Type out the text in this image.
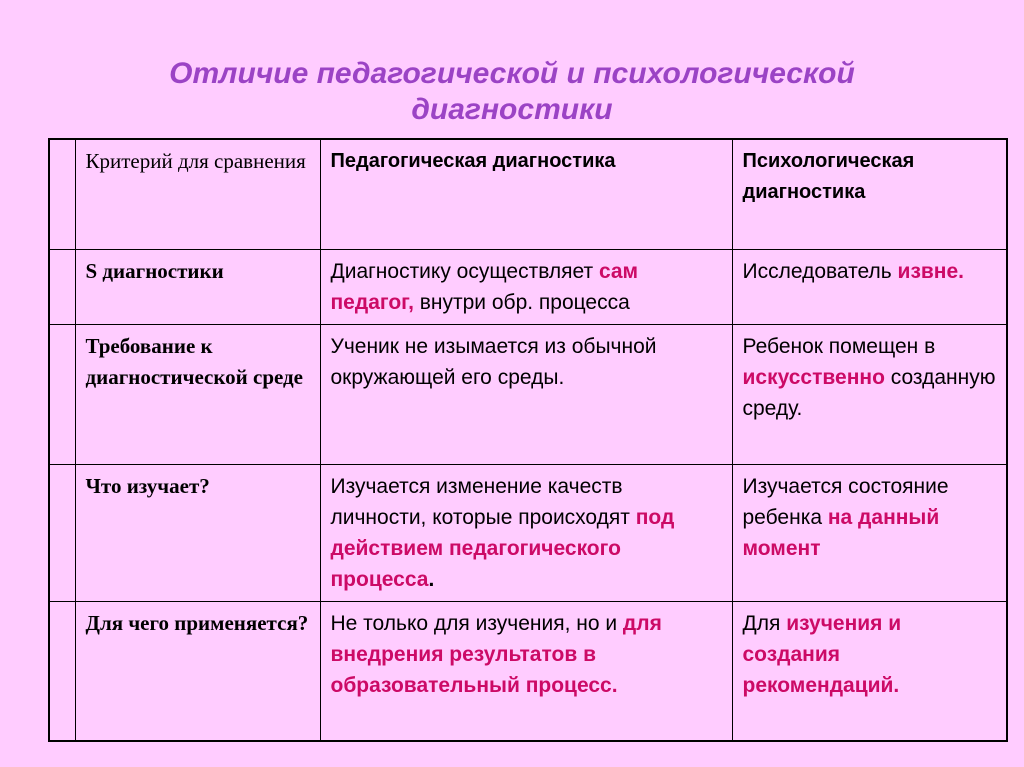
Отличие педагогической и психологической
диагностики
	Критерий для сравнения	Педагогическая диагностика	Психологическая диагностика
	S диагностики	Диагностику осуществляет сам педагог, внутри обр. процесса	Исследователь извне.
	Требование к диагностической среде	Ученик не изымается из обычной окружающей его среды.	Ребенок помещен в искусственно созданную среду.
	Что изучает?	Изучается изменение качеств личности, которые происходят под действием педагогического процесса.	Изучается состояние ребенка на данный момент
	Для чего применяется?	Не только для изучения, но и для внедрения результатов в образовательный процесс.	Для изучения и создания рекомендаций.
